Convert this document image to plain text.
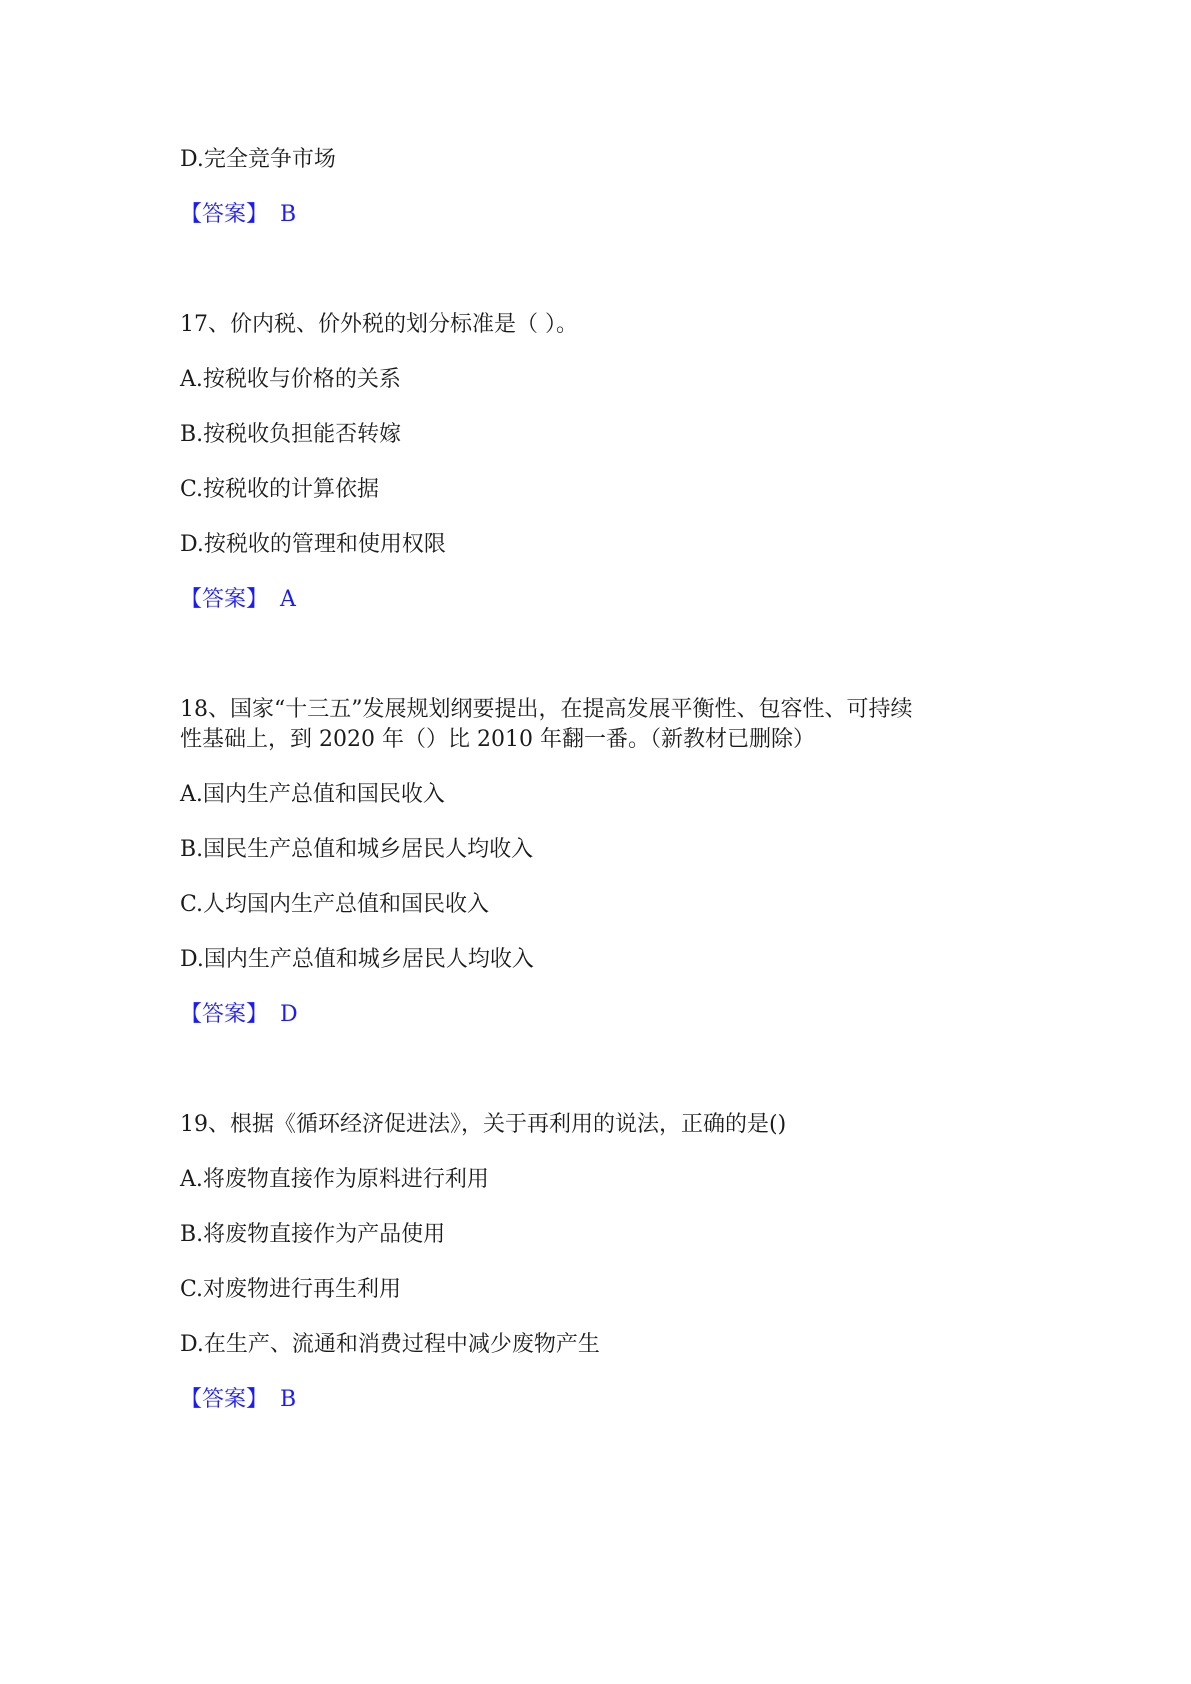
D.完全竞争市场
【答案】 B
17、价内税、价外税的划分标准是（ ）。
A.按税收与价格的关系
B.按税收负担能否转嫁
C.按税收的计算依据
D.按税收的管理和使用权限
【答案】 A
18、国家“十三五”发展规划纲要提出，在提高发展平衡性、包容性、可持续
性基础上，到 2020 年（）比 2010 年翻一番。（新教材已删除）
A.国内生产总值和国民收入
B.国民生产总值和城乡居民人均收入
C.人均国内生产总值和国民收入
D.国内生产总值和城乡居民人均收入
【答案】 D
19、根据《循环经济促进法》，关于再利用的说法，正确的是()
A.将废物直接作为原料进行利用
B.将废物直接作为产品使用
C.对废物进行再生利用
D.在生产、流通和消费过程中减少废物产生
【答案】 B
